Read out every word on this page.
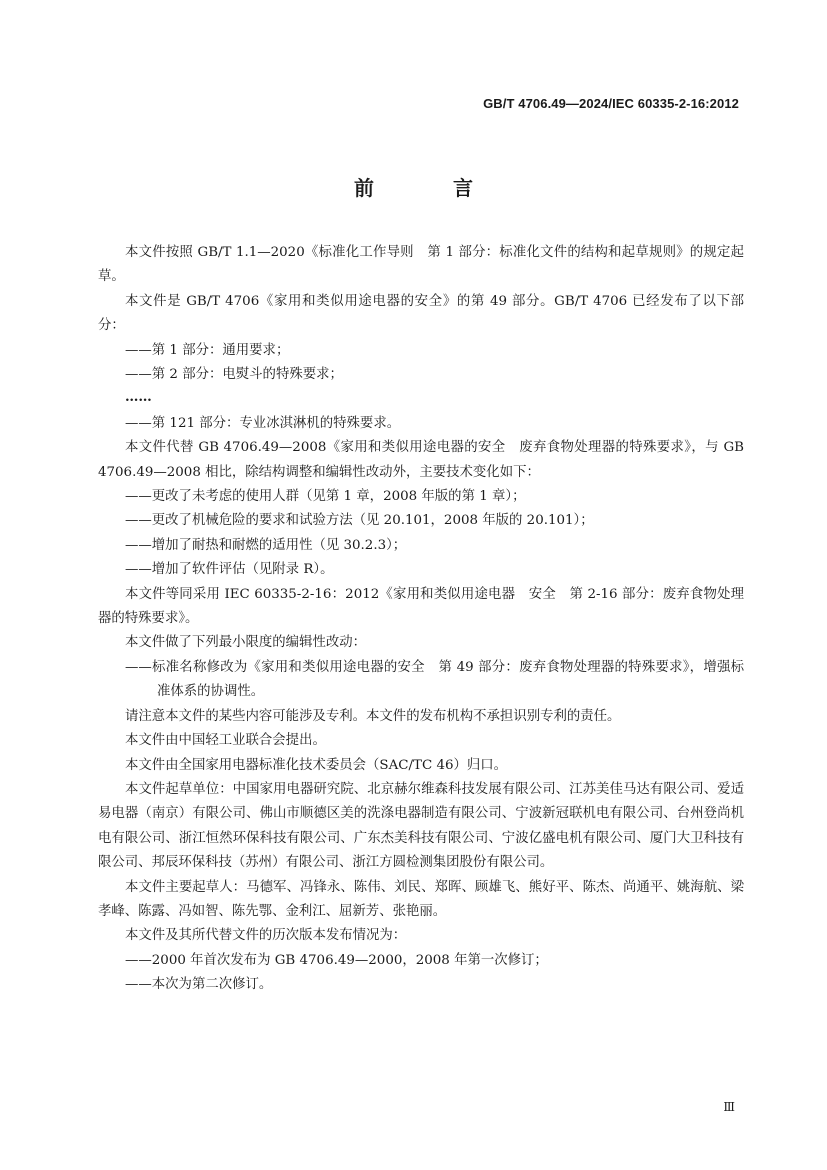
GB/T 4706.49—2024/IEC 60335-2-16:2012
前 言

本文件按照 GB/T 1.1—2020《标准化工作导则　第 1 部分：标准化文件的结构和起草规则》的规定起草。

本文件是 GB/T 4706《家用和类似用途电器的安全》的第 49 部分。GB/T 4706 已经发布了以下部分：

——第 1 部分：通用要求；

——第 2 部分：电熨斗的特殊要求；

……

——第 121 部分：专业冰淇淋机的特殊要求。

本文件代替 GB 4706.49—2008《家用和类似用途电器的安全　废弃食物处理器的特殊要求》，与 GB 4706.49—2008 相比，除结构调整和编辑性改动外，主要技术变化如下：

——更改了未考虑的使用人群（见第 1 章，2008 年版的第 1 章）；

——更改了机械危险的要求和试验方法（见 20.101，2008 年版的 20.101）；

——增加了耐热和耐燃的适用性（见 30.2.3）；

——增加了软件评估（见附录 R）。

本文件等同采用 IEC 60335-2-16：2012《家用和类似用途电器　安全　第 2-16 部分：废弃食物处理器的特殊要求》。

本文件做了下列最小限度的编辑性改动：

——标准名称修改为《家用和类似用途电器的安全　第 49 部分：废弃食物处理器的特殊要求》，增强标准体系的协调性。

请注意本文件的某些内容可能涉及专利。本文件的发布机构不承担识别专利的责任。

本文件由中国轻工业联合会提出。

本文件由全国家用电器标准化技术委员会（SAC/TC 46）归口。

本文件起草单位：中国家用电器研究院、北京赫尔维森科技发展有限公司、江苏美佳马达有限公司、爱适易电器（南京）有限公司、佛山市顺德区美的洗涤电器制造有限公司、宁波新冠联机电有限公司、台州登尚机电有限公司、浙江恒然环保科技有限公司、广东杰美科技有限公司、宁波亿盛电机有限公司、厦门大卫科技有限公司、邦辰环保科技（苏州）有限公司、浙江方圆检测集团股份有限公司。

本文件主要起草人：马德军、冯锋永、陈伟、刘民、郑晖、顾雄飞、熊好平、陈杰、尚通平、姚海航、梁孝峰、陈露、冯如智、陈先鄂、金利江、屈新芳、张艳丽。

本文件及其所代替文件的历次版本发布情况为：

——2000 年首次发布为 GB 4706.49—2000，2008 年第一次修订；

——本次为第二次修订。

Ⅲ
